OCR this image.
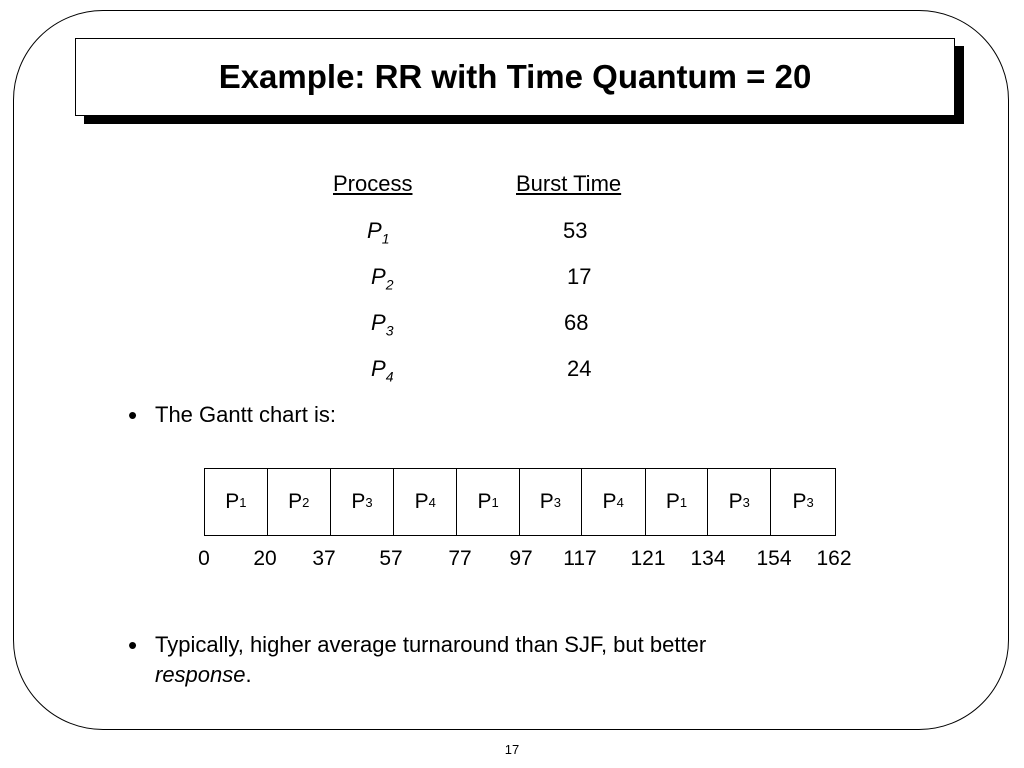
Example: RR with Time Quantum = 20
Process	Burst Time
$P_1$	53
$P_2$	17
$P_3$	68
$P_4$	24
• The Gantt chart is:
P 1 P 2 P 3 P 4 P 1 P 3 P 4 P 1 P 3 P 3
0 20 37 57 77 97 117 121 134 154 162
• Typically, higher average turnaround than SJF, but better
response.
17
